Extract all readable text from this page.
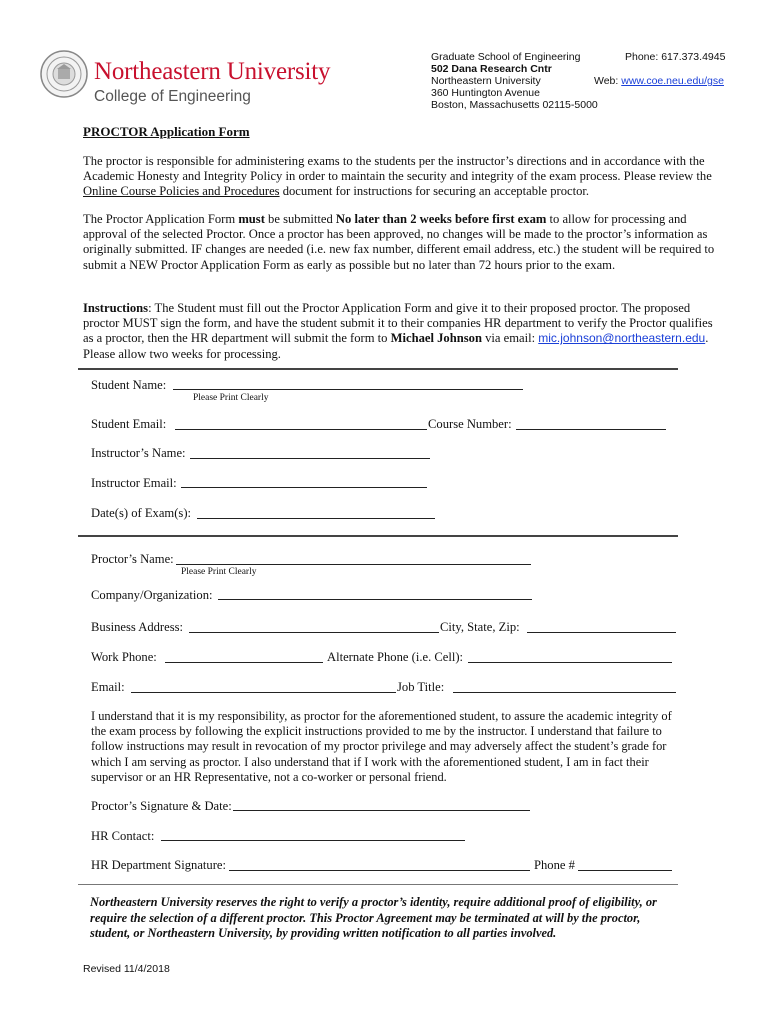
Northeastern University
College of Engineering
Graduate School of Engineering
502 Dana Research Cntr
Northeastern University
360 Huntington Avenue
Boston, Massachusetts 02115-5000
Phone: 617.373.4945
Web: www.coe.neu.edu/gse
PROCTOR Application Form
The proctor is responsible for administering exams to the students per the instructor’s directions and in accordance with the Academic Honesty and Integrity Policy in order to maintain the security and integrity of the exam process. Please review the Online Course Policies and Procedures document for instructions for securing an acceptable proctor.
The Proctor Application Form must be submitted No later than 2 weeks before first exam to allow for processing and approval of the selected Proctor. Once a proctor has been approved, no changes will be made to the proctor’s information as originally submitted. IF changes are needed (i.e. new fax number, different email address, etc.) the student will be required to submit a NEW Proctor Application Form as early as possible but no later than 72 hours prior to the exam.
Instructions: The Student must fill out the Proctor Application Form and give it to their proposed proctor. The proposed proctor MUST sign the form, and have the student submit it to their companies HR department to verify the Proctor qualifies as a proctor, then the HR department will submit the form to Michael Johnson via email: mic.johnson@northeastern.edu. Please allow two weeks for processing.
Student Name:
Please Print Clearly
Student Email:	Course Number:
Instructor’s Name:
Instructor Email:
Date(s) of Exam(s):
Proctor’s Name:
Please Print Clearly
Company/Organization:
Business Address:	City, State, Zip:
Work Phone:	Alternate Phone (i.e. Cell):
Email:	Job Title:
I understand that it is my responsibility, as proctor for the aforementioned student, to assure the academic integrity of the exam process by following the explicit instructions provided to me by the instructor. I understand that failure to follow instructions may result in revocation of my proctor privilege and may adversely affect the student’s grade for which I am serving as proctor. I also understand that if I work with the aforementioned student, I am in fact their supervisor or an HR Representative, not a co-worker or personal friend.
Proctor’s Signature & Date:
HR Contact:
HR Department Signature:	Phone #
Northeastern University reserves the right to verify a proctor’s identity, require additional proof of eligibility, or require the selection of a different proctor. This Proctor Agreement may be terminated at will by the proctor, student, or Northeastern University, by providing written notification to all parties involved.
Revised 11/4/2018
